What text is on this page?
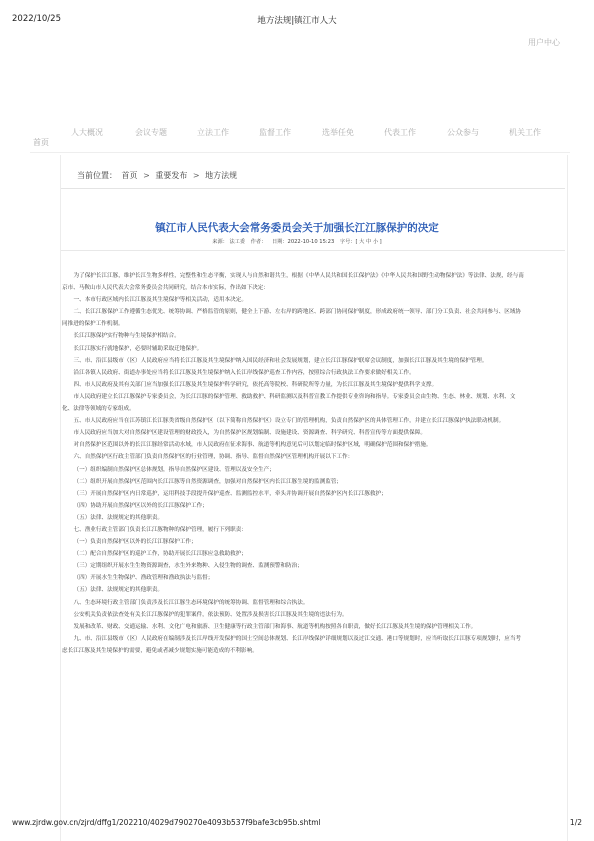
2022/10/25	地方法规|镇江市人大
用户中心
首页
人大概况	会议专题	立法工作	监督工作	选举任免	代表工作	公众参与	机关工作
当前位置： 首页 > 重要发布 > 地方法规
镇江市人民代表大会常务委员会关于加强长江江豚保护的决定
来源： 法工委 作者： 日期：2022-10-10 15:23 字号：[ 大 中 小 ]

为了保护长江江豚，维护长江生物多样性，完整性和生态平衡，实现人与自然和谐共生，根据《中华人民共和国长江保护法》《中华人民共和国野生动物保护法》等法律、法规，经与南京市、马鞍山市人民代表大会常务委员会共同研究，结合本市实际，作出如下决定：

一、本市行政区域内长江江豚及其生境保护等相关活动，适用本决定。

二、长江江豚保护工作遵循生态优先、统筹协调、严格监管的原则，健全上下游、左右岸的跨地区、跨部门协同保护制度，形成政府统一领导、部门分工负责、社会共同参与、区域协同推进的保护工作机制。

长江江豚保护实行物种与生境保护相结合。

长江江豚实行就地保护，必要时辅助采取迁地保护。

三、市、沿江县级市（区）人民政府应当将长江江豚及其生境保护纳入国民经济和社会发展规划，建立长江江豚保护联席会议制度，加强长江江豚及其生境的保护管理。

沿江各镇人民政府、街道办事处应当将长江江豚及其生境保护纳入长江岸线保护巡查工作内容，按照综合行政执法工作要求做好相关工作。

四、市人民政府及其有关部门应当加强长江江豚及其生境保护科学研究，依托高等院校、科研院所等力量，为长江江豚及其生境保护提供科学支撑。

市人民政府建立长江江豚保护专家委员会，为长江江豚的保护管理、救助救护、科研监测以及科普宣教工作提供专业咨询和指导。专家委员会由生物、生态、林业、规划、水利、文化、法律等领域的专家组成。

五、市人民政府应当在江苏镇江长江豚类省级自然保护区（以下简称自然保护区）设立专门的管理机构，负责自然保护区的具体管理工作，并建立长江江豚保护执法联动机制。

市人民政府应当加大对自然保护区建设管理的财政投入，为自然保护区规划编制、设施建设、资源调查、科学研究、科普宣传等方面提供保障。

对自然保护区范围以外的长江江豚经常活动水域，市人民政府在征求海事、航道等机构意见后可以划定临时保护区域，明确保护范围和保护措施。

六、自然保护区行政主管部门负责自然保护区的行业管理，协调、指导、监督自然保护区管理机构开展以下工作：

（一）组织编制自然保护区总体规划，指导自然保护区建设、管理以及安全生产；

（二）组织开展自然保护区范围内长江江豚等自然资源调查，加强对自然保护区内长江江豚生境的监测监管；

（三）开展自然保护区内日常巡护，运用科技手段提升保护巡查、监测监控水平，牵头并协调开展自然保护区内长江江豚救护；

（四）协助开展自然保护区以外的长江江豚保护工作；

（五）法律、法规规定的其他职责。

七、渔业行政主管部门负责长江江豚物种的保护管理，履行下列职责：

（一）负责自然保护区以外的长江江豚保护工作；

（二）配合自然保护区的巡护工作，协助开展长江江豚应急救助救护；

（三）定期组织开展水生生物资源调查，水生外来物种、入侵生物的调查、监测预警和防治；

（四）开展水生生物保护、渔政管理和渔政执法与监督；

（五）法律、法规规定的其他职责。

八、生态环境行政主管部门负责涉及长江江豚生态环境保护的统筹协调、监督管理和综合执法。

公安机关负责依法查处有关长江江豚保护的犯罪案件，依法预防、处置涉及损害长江江豚及其生境的违法行为。

发展和改革、财政、交通运输、水利、文化广电和旅游、卫生健康等行政主管部门和海事、航道等机构按照各自职责，做好长江江豚及其生境的保护管理相关工作。

九、市、沿江县级市（区）人民政府在编制涉及长江岸线开发保护的国土空间总体规划、长江岸线保护详细规划以及过江交通、港口等规划时，应当听取长江江豚专项规划时，应当考虑长江江豚及其生境保护的需要，避免或者减少规划实施可能造成的不利影响。

www.zjrdw.gov.cn/zjrd/dffg1/202210/4029d790270e4093b537f9bafe3cb95b.shtml	1/2
